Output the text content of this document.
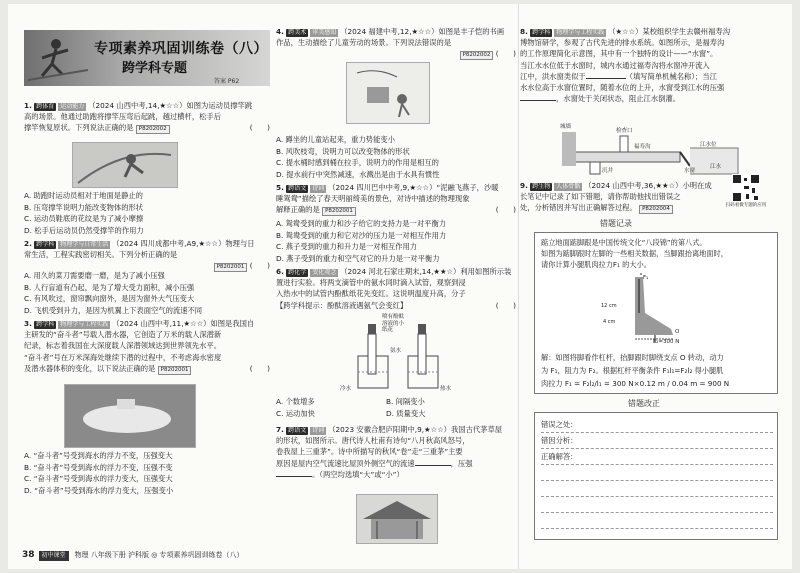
专项素养巩固训练卷（八）
跨学科专题
答案 P62
1. 跨体育 运动能力 （2024 山西中考,14,★☆☆）如图为运动员撑竿跳
高的场景。他通过助跑将撑竿压弯后起跳，越过横杆，松手后
撑竿恢复原状。下列说法正确的是 P8202002	(　　)
A. 助跑时运动员相对于地面是静止的
B. 压弯撑竿说明力能改变物体的形状
C. 运动员鞋底的花纹是为了减小摩擦
D. 松手后运动员仍然受撑竿的作用力
2. 跨学科 物理学与日常生活 （2024 四川成都中考,A9,★☆☆）物理与日
常生活，工程实践密切相关。下列分析正确的是

P8202001 (　　)
A. 用久的菜刀需要磨一磨，是为了减小压强
B. 人行盲道有凸起，是为了增大受力面积，减小压强
C. 有风吹过，窗帘飘向窗外，是因为窗外大气压变大
D. 飞机受到升力，是因为机翼上下表面空气的流速不同
3. 跨学科 物理学与工程实践 （2024 山西中考,11,★☆☆）如图是我国自
主研发的“奋斗者”号载人潜水器，它创造了万米的载人深潜新
纪录，标志着我国在大深度载人深潜领域达到世界领先水平。
“奋斗者”号在万米深海处继续下潜的过程中，不考虑海水密度
及潜水器体积的变化，以下说法正确的是 P8202001	(　　)
A. “奋斗者”号受到海水的浮力不变，压强变大
B. “奋斗者”号受到海水的浮力不变，压强不变
C. “奋斗者”号受到海水的浮力变大，压强变大
D. “奋斗者”号受到海水的浮力变大，压强变小
4. 跨美术 审美感知 （2024 福建中考,12,★☆☆）如图是丰子恺的书画
作品，生动描绘了儿童劳动的场景。下列说法错误的是

P8202002 (　　)
A. 蹲坐的儿童站起来，重力势能变小
B. 风吹枝弯，说明力可以改变物体的形状
C. 提水桶时感到桶在拉手，说明力的作用是相互的
D. 提水前行中突然减速，水溅出是由于水具有惯性
5. 跨语文 诗词 （2024 四川巴中中考,9,★☆☆）“泥融飞燕子，沙暖
睡鸳鸯”描绘了春天明丽绮美的景色，对诗中描述的物理现象
解释正确的是 P8202001	(　　)
A. 鸳鸯受到的重力和沙子给它的支持力是一对平衡力
B. 鸳鸯受到的重力和它对沙的压力是一对相互作用力
C. 燕子受到的重力和升力是一对相互作用力
D. 燕子受到的重力和空气对它的升力是一对平衡力
6. 跨化学 变化观念 （2024 河北石家庄期末,14,★★☆）利用如图所示装
置进行实验。将两支滴管中的氨水同时滴入试管，观察到浸
入热水中的试管内酚酞纸花先变红。这说明温度升高，分子
【跨学科提示：酚酞溶液遇氨气会变红】	(　　)
喷有酚酞
溶液的小
纸花
氨水
冷水	热水
A. 个数增多	B. 间隔变小
C. 运动加快	D. 质量变大
7. 跨语文 诗词 （2023 安徽合肥庐阳期中,9,★☆☆）我国古代茅草屋
的形状，如图所示。唐代诗人杜甫有诗句“八月秋高风怒号，
卷我屋上三重茅”。诗中所描写的秋风“卷”走“三重茅”主要
原因是屋内空气流速比屋顶外侧空气的流速	，压强
。（两空均选填“大”或“小”）
8. 跨学科 物理学与工程实践 （★☆☆）某校组织学生去赣州福寿沟
博物馆研学，参观了古代先进的排水系统。如图所示，是福寿沟
的工作原理简化示意图，其中有一个独特的设计——“水窗”。
当江水水位低于水窗时，城内水通过福寿沟将水窗冲开流入
江中，洪水窗类似于	（填写简单机械名称）；当江
水水位高于水窗位置时，随着水位的上升，水窗受到江水的压强
，水窗处于关闭状态，阻止江水倒灌。
城墙
检查口
福寿沟
沉井	水窗
江水位
江水
9. 跨生物 人体骨骼 （2024 山西中考,36,★★☆）小明在成
长笔记中记录了如下错题，请你帮助他找出错误之
处，分析错因并写出正确解答过程。 P8202004
扫码看微专题的应用
错题记录
踮立地面踮脚跟是中国传统文化“八段锦”的第八式。
如图为踮脚跟时左脚的一些相关数据，当脚跟抬离地面时，
请你计算小腿肌肉拉力F₁ 的大小。
F₁
O
12 cm
4 cm
F₂=300 N
解：如图将脚看作杠杆，抬脚跟时脚绕支点 O 转动，动力
为 F₁，阻力为 F₂。根据杠杆平衡条件 F₁l₁=F₂l₂ 得小腿肌
肉拉力 F₁ = F₂l₂/l₁ = 300 N×0.12 m / 0.04 m = 900 N
错题改正
错误之处：
错因分析：
正确解答：
38 初中课堂 物理 八年级下册 沪科版 ◎ 专项素养巩固训练卷（八）
